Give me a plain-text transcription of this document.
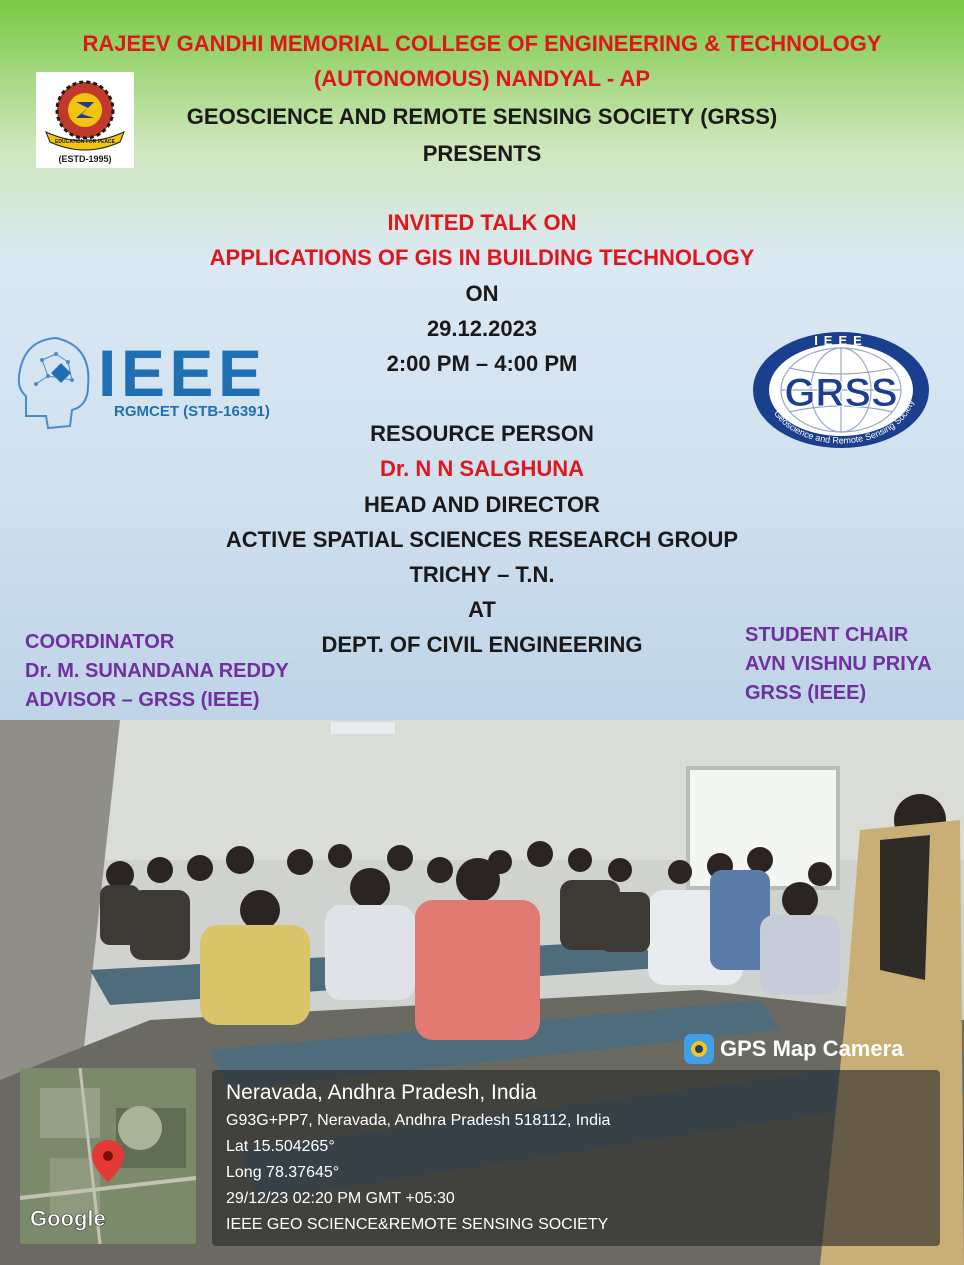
RAJEEV GANDHI MEMORIAL COLLEGE OF ENGINEERING & TECHNOLOGY
(AUTONOMOUS) NANDYAL - AP
GEOSCIENCE AND REMOTE SENSING SOCIETY (GRSS)
PRESENTS
EDUCATION FOR PEACE
(ESTD-1995)
INVITED TALK ON
APPLICATIONS OF GIS IN BUILDING TECHNOLOGY
ON
29.12.2023
2:00 PM – 4:00 PM
IEEE
RGMCET (STB-16391)
IEEE
GRSS
Geoscience and Remote Sensing Society
RESOURCE PERSON
Dr. N N SALGHUNA
HEAD AND DIRECTOR
ACTIVE SPATIAL SCIENCES RESEARCH GROUP
TRICHY – T.N.
AT
DEPT. OF CIVIL ENGINEERING
COORDINATOR
Dr. M. SUNANDANA REDDY
ADVISOR – GRSS (IEEE)
STUDENT CHAIR
AVN VISHNU PRIYA
GRSS (IEEE)
GPS Map Camera
Google
Neravada, Andhra Pradesh, India
G93G+PP7, Neravada, Andhra Pradesh 518112, India
Lat 15.504265°
Long 78.37645°
29/12/23 02:20 PM GMT +05:30
IEEE GEO SCIENCE&REMOTE SENSING SOCIETY
